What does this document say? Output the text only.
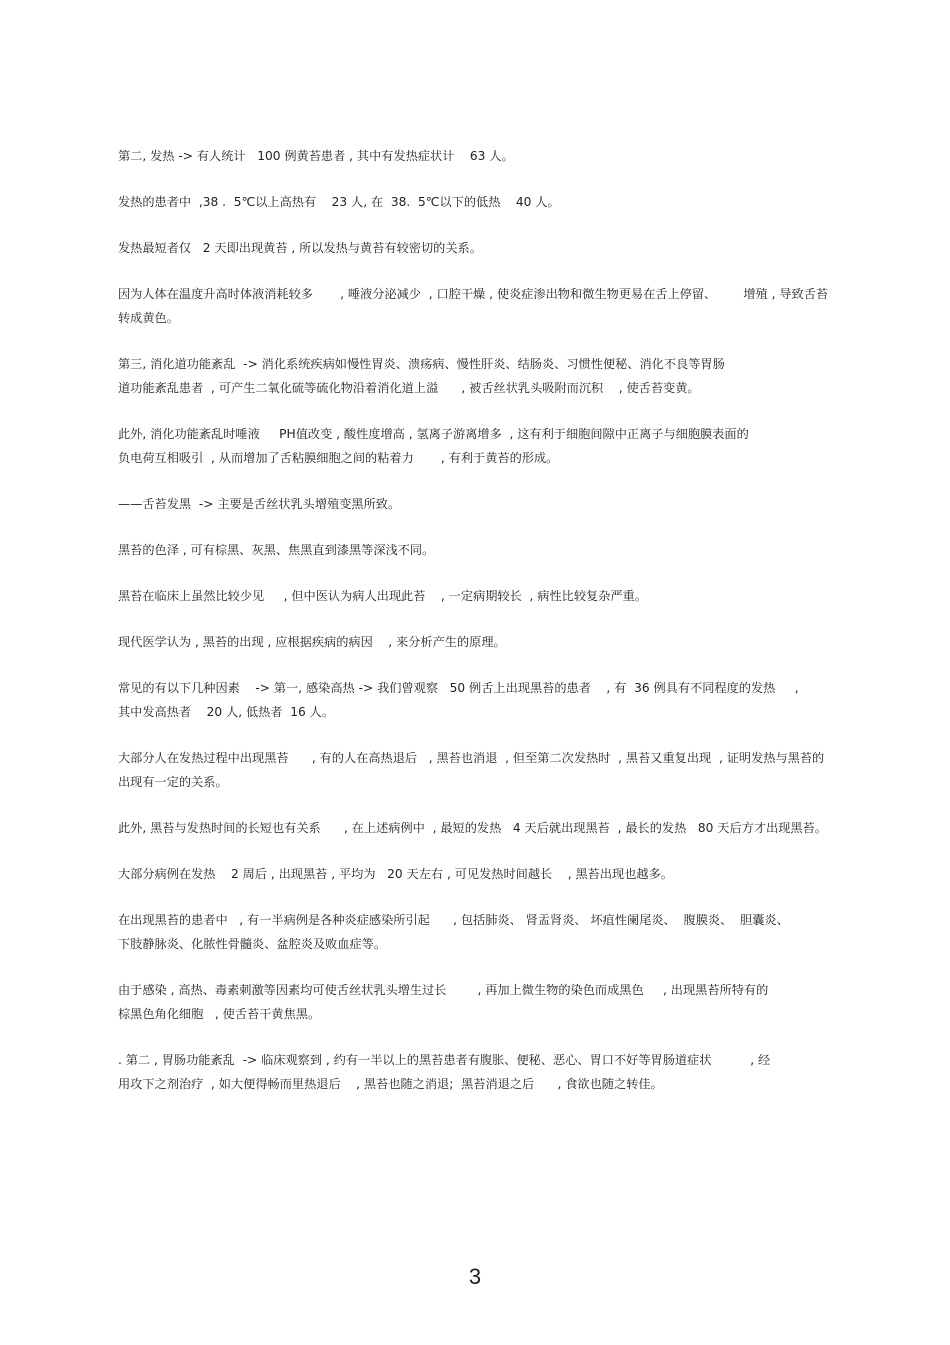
第二, 发热 -> 有人统计   100 例黄苔患者 , 其中有发热症状计    63 人。

发热的患者中  ,38 .  5℃以上高热有    23 人, 在  38.  5℃以下的低热    40 人。

发热最短者仅   2 天即出现黄苔 , 所以发热与黄苔有较密切的关系。

因为人体在温度升高时体液消耗较多       , 唾液分泌减少  , 口腔干燥 , 使炎症渗出物和微生物更易在舌上停留、       增殖 , 导致舌苔转成黄色。

第三, 消化道功能紊乱  -> 消化系统疾病如慢性胃炎、溃疡病、慢性肝炎、结肠炎、习惯性便秘、消化不良等胃肠
道功能紊乱患者  , 可产生二氧化硫等硫化物沿着消化道上溢      , 被舌丝状乳头吸附而沉积    , 使舌苔变黄。

此外, 消化功能紊乱时唾液     PH值改变 , 酸性度增高 , 氢离子游离增多  , 这有利于细胞间隙中正离子与细胞膜表面的
负电荷互相吸引  , 从而增加了舌粘膜细胞之间的粘着力       , 有利于黄苔的形成。

——舌苔发黑  -> 主要是舌丝状乳头增殖变黑所致。

黑苔的色泽 , 可有棕黑、灰黑、焦黑直到漆黑等深浅不同。

黑苔在临床上虽然比较少见     , 但中医认为病人出现此苔    , 一定病期较长  , 病性比较复杂严重。

现代医学认为 , 黑苔的出现 , 应根据疾病的病因    , 来分析产生的原理。

常见的有以下几种因素    -> 第一, 感染高热 -> 我们曾观察   50 例舌上出现黑苔的患者    , 有  36 例具有不同程度的发热     ,
其中发高热者    20 人, 低热者  16 人。

大部分人在发热过程中出现黑苔      , 有的人在高热退后   , 黑苔也消退  , 但至第二次发热时  , 黑苔又重复出现  , 证明发热与黑苔的出现有一定的关系。

此外, 黑苔与发热时间的长短也有关系      , 在上述病例中  , 最短的发热   4 天后就出现黑苔  , 最长的发热   80 天后方才出现黑苔。

大部分病例在发热    2 周后 , 出现黑苔 , 平均为   20 天左右 , 可见发热时间越长    , 黑苔出现也越多。

在出现黑苔的患者中   , 有一半病例是各种炎症感染所引起      , 包括肺炎、 肾盂肾炎、 坏疽性阑尾炎、  腹膜炎、  胆囊炎、
下肢静脉炎、化脓性骨髓炎、盆腔炎及败血症等。

由于感染 , 高热、毒素刺激等因素均可使舌丝状乳头增生过长        , 再加上微生物的染色而成黑色     , 出现黑苔所特有的
棕黑色角化细胞   , 使舌苔干黄焦黑。

. 第二 , 胃肠功能紊乱  -> 临床观察到 , 约有一半以上的黑苔患者有腹胀、便秘、恶心、胃口不好等胃肠道症状          , 经
用攻下之剂治疗  , 如大便得畅而里热退后    , 黑苔也随之消退;  黑苔消退之后      , 食欲也随之转佳。

3
